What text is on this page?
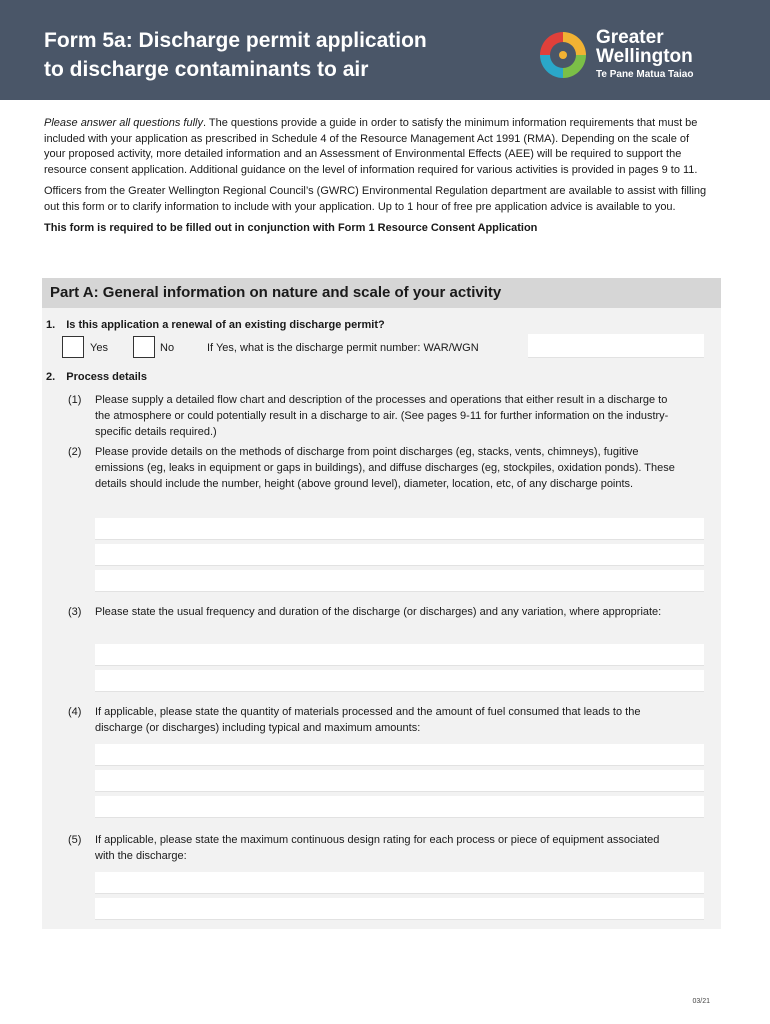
Form 5a: Discharge permit application
to discharge contaminants to air
Greater
Wellington
Te Pane Matua Taiao

Please answer all questions fully. The questions provide a guide in order to satisfy the minimum information requirements that must be included with your application as prescribed in Schedule 4 of the Resource Management Act 1991 (RMA). Depending on the scale of your proposed activity, more detailed information and an Assessment of Environmental Effects (AEE) will be required to support the resource consent application. Additional guidance on the level of information required for various activities is provided in pages 9 to 11.

Officers from the Greater Wellington Regional Council’s (GWRC) Environmental Regulation department are available to assist with filling out this form or to clarify information to include with your application. Up to 1 hour of free pre application advice is available to you.

This form is required to be filled out in conjunction with Form 1 Resource Consent Application

Part A: General information on nature and scale of your activity
1. Is this application a renewal of an existing discharge permit?
Yes	No	If Yes, what is the discharge permit number: WAR/WGN
2. Process details
(1) Please supply a detailed flow chart and description of the processes and operations that either result in a discharge to the atmosphere or could potentially result in a discharge to air. (See pages 9-11 for further information on the industry-specific details required.)
(2) Please provide details on the methods of discharge from point discharges (eg, stacks, vents, chimneys), fugitive emissions (eg, leaks in equipment or gaps in buildings), and diffuse discharges (eg, stockpiles, oxidation ponds). These details should include the number, height (above ground level), diameter, location, etc, of any discharge points.
(3) Please state the usual frequency and duration of the discharge (or discharges) and any variation, where appropriate:
(4) If applicable, please state the quantity of materials processed and the amount of fuel consumed that leads to the discharge (or discharges) including typical and maximum amounts:
(5) If applicable, please state the maximum continuous design rating for each process or piece of equipment associated with the discharge:
03/21
